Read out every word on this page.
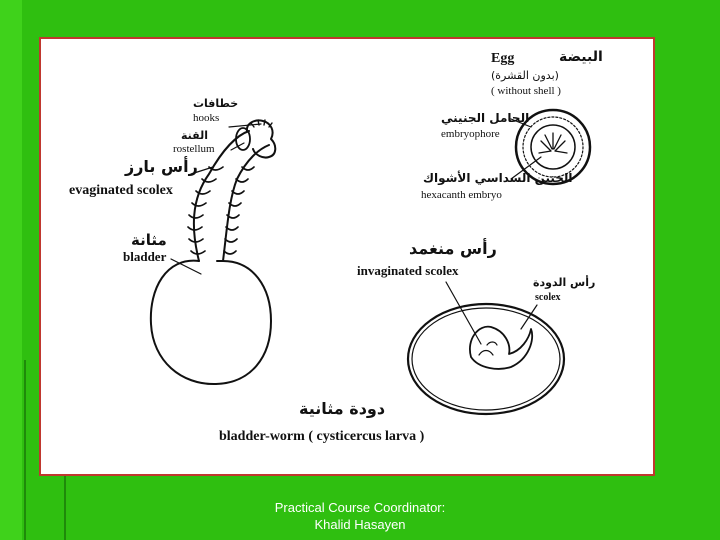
البيضة
Egg
(بدون القشرة)
( without shell )
الحامل الجنيني
embryophore
الجنين السداسي الأشواك
hexacanth embryo
خطافات
hooks
القنة
rostellum
رأس بارز
evaginated scolex
مثانة
bladder	رأس منغمد
invaginated scolex
رأس الدودة
scolex
دودة مثانية
bladder-worm ( cysticercus larva )
Practical Course Coordinator:
Khalid Hasayen
